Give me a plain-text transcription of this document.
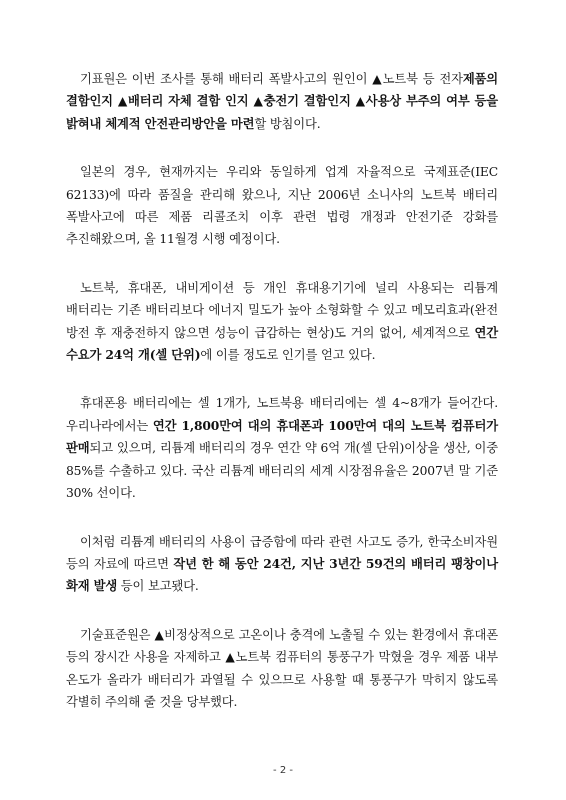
기표원은 이번 조사를 통해 배터리 폭발사고의 원인이 ▲노트북 등 전자제품의 결함인지 ▲배터리 자체 결함 인지 ▲충전기 결함인지 ▲사용상 부주의 여부 등을 밝혀내 체계적 안전관리방안을 마련할 방침이다.

일본의 경우, 현재까지는 우리와 동일하게 업계 자율적으로 국제표준(IEC 62133)에 따라 품질을 관리해 왔으나, 지난 2006년 소니사의 노트북 배터리 폭발사고에 따른 제품 리콜조치 이후 관련 법령 개정과 안전기준 강화를 추진해왔으며, 올 11월경 시행 예정이다.

노트북, 휴대폰, 내비게이션 등 개인 휴대용기기에 널리 사용되는 리튬계 배터리는 기존 배터리보다 에너지 밀도가 높아 소형화할 수 있고 메모리효과(완전 방전 후 재충전하지 않으면 성능이 급감하는 현상)도 거의 없어, 세계적으로 연간 수요가 24억 개(셀 단위)에 이를 정도로 인기를 얻고 있다.

휴대폰용 배터리에는 셀 1개가, 노트북용 배터리에는 셀 4~8개가 들어간다. 우리나라에서는 연간 1,800만여 대의 휴대폰과 100만여 대의 노트북 컴퓨터가 판매되고 있으며, 리튬계 배터리의 경우 연간 약 6억 개(셀 단위)이상을 생산, 이중 85%를 수출하고 있다. 국산 리튬계 배터리의 세계 시장점유율은 2007년 말 기준 30% 선이다.

이처럼 리튬계 배터리의 사용이 급증함에 따라 관련 사고도 증가, 한국소비자원 등의 자료에 따르면 작년 한 해 동안 24건, 지난 3년간 59건의 배터리 팽창이나 화재 발생 등이 보고됐다.

기술표준원은 ▲비정상적으로 고온이나 충격에 노출될 수 있는 환경에서 휴대폰 등의 장시간 사용을 자제하고 ▲노트북 컴퓨터의 통풍구가 막혔을 경우 제품 내부 온도가 올라가 배터리가 과열될 수 있으므로 사용할 때 통풍구가 막히지 않도록 각별히 주의해 줄 것을 당부했다.

- 2 -
